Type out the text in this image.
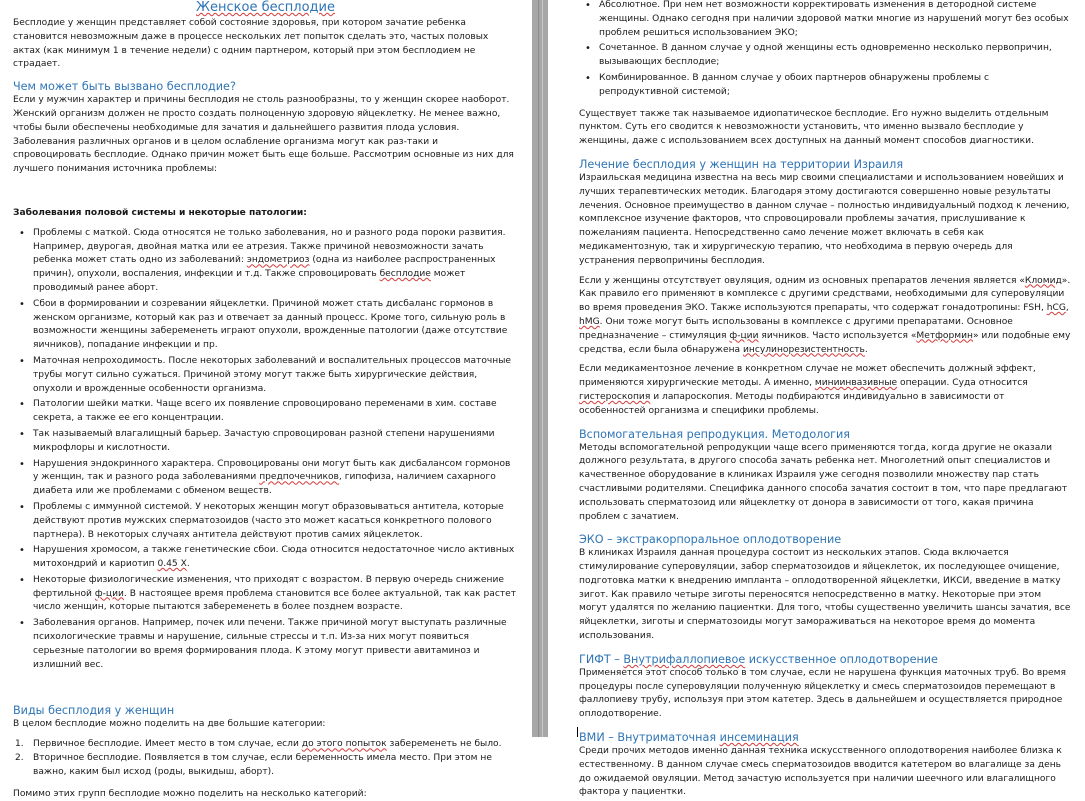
Женское бесплодие

Бесплодие у женщин представляет собой состояние здоровья, при котором зачатие ребенка становится невозможным даже в процессе нескольких лет попыток сделать это, частых половых актах (как минимум 1 в течение недели) с одним партнером, который при этом бесплодием не страдает.

Чем может быть вызвано бесплодие?

Если у мужчин характер и причины бесплодия не столь разнообразны, то у женщин скорее наоборот. Женский организм должен не просто создать полноценную здоровую яйцеклетку. Не менее важно, чтобы были обеспечены необходимые для зачатия и дальнейшего развития плода условия. Заболевания различных органов и в целом ослабление организма могут как раз-таки и спровоцировать бесплодие. Однако причин может быть еще больше. Рассмотрим основные из них для лучшего понимания источника проблемы:

Заболевания половой системы и некоторые патологии:

• Проблемы с маткой. Сюда относятся не только заболевания, но и разного рода пороки развития. Например, двурогая, двойная матка или ее атрезия. Также причиной невозможности зачать ребенка может стать одно из заболеваний: эндометриоз (одна из наиболее распространенных причин), опухоли, воспаления, инфекции и т.д. Также спровоцировать бесплодие может проводимый ранее аборт.
• Сбои в формировании и созревании яйцеклетки. Причиной может стать дисбаланс гормонов в женском организме, который как раз и отвечает за данный процесс. Кроме того, сильную роль в возможности женщины забеременеть играют опухоли, врожденные патологии (даже отсутствие яичников), попадание инфекции и пр.
• Маточная непроходимость. После некоторых заболеваний и воспалительных процессов маточные трубы могут сильно сужаться. Причиной этому могут также быть хирургические действия, опухоли и врожденные особенности организма.
• Патологии шейки матки. Чаще всего их появление спровоцировано переменами в хим. составе секрета, а также ее его концентрации.
• Так называемый влагалищный барьер. Зачастую спровоцирован разной степени нарушениями микрофлоры и кислотности.
• Нарушения эндокринного характера. Спровоцированы они могут быть как дисбалансом гормонов у женщин, так и разного рода заболеваниями предпочечников, гипофиза, наличием сахарного диабета или же проблемами с обменом веществ.
• Проблемы с иммунной системой. У некоторых женщин могут образовываться антитела, которые действуют против мужских сперматозоидов (часто это может касаться конкретного полового партнера). В некоторых случаях антитела действуют против самих яйцеклеток.
• Нарушения хромосом, а также генетические сбои. Сюда относится недостаточное число активных митохондрий и кариотип 0.45 X.
• Некоторые физиологические изменения, что приходят с возрастом. В первую очередь снижение фертильной ф-ции. В настоящее время проблема становится все более актуальной, так как растет число женщин, которые пытаются забеременеть в более позднем возрасте.
• Заболевания органов. Например, почек или печени. Также причиной могут выступать различные психологические травмы и нарушение, сильные стрессы и т.п. Из-за них могут появиться серьезные патологии во время формирования плода. К этому могут привести авитаминоз и излишний вес.

Виды бесплодия у женщин

В целом бесплодие можно поделить на две большие категории:

1. Первичное бесплодие. Имеет место в том случае, если до этого попыток забеременеть не было.
2. Вторичное бесплодие. Появляется в том случае, если беременность имела место. При этом не важно, каким был исход (роды, выкидыш, аборт).

Помимо этих групп бесплодие можно поделить на несколько категорий:

• Абсолютное. При нем нет возможности корректировать изменения в детородной системе женщины. Однако сегодня при наличии здоровой матки многие из нарушений могут без особых проблем решиться использованием ЭКО;
• Сочетанное. В данном случае у одной женщины есть одновременно несколько первопричин, вызывающих бесплодие;
• Комбинированное. В данном случае у обоих партнеров обнаружены проблемы с репродуктивной системой;

Существует также так называемое идиопатическое бесплодие. Его нужно выделить отдельным пунктом. Суть его сводится к невозможности установить, что именно вызвало бесплодие у женщины, даже с использованием всех доступных на данный момент способов диагностики.

Лечение бесплодия у женщин на территории Израиля

Израильская медицина известна на весь мир своими специалистами и использованием новейших и лучших терапевтических методик. Благодаря этому достигаются совершенно новые результаты лечения. Основное преимущество в данном случае – полностью индивидуальный подход к лечению, комплексное изучение факторов, что спровоцировали проблемы зачатия, прислушивание к пожеланиям пациента. Непосредственно само лечение может включать в себя как медикаментозную, так и хирургическую терапию, что необходима в первую очередь для устранения первопричины бесплодия.

Если у женщины отсутствует овуляция, одним из основных препаратов лечения является «Кломид». Как правило его применяют в комплексе с другими средствами, необходимыми для суперовуляции во время проведения ЭКО. Также используются препараты, что содержат гонадотропины: FSH, hCG, hMG. Они тоже могут быть использованы в комплексе с другими препаратами. Основное предназначение – стимуляция ф-ции яичников. Часто используется «Метформин» или подобные ему средства, если была обнаружена инсулинорезистентность.

Если медикаментозное лечение в конкретном случае не может обеспечить должный эффект, применяются хирургические методы. А именно, миниинвазивные операции. Суда относится гистероскопия и лапароскопия. Методы подбираются индивидуально в зависимости от особенностей организма и специфики проблемы.

Вспомогательная репродукция. Методология

Методы вспомогательной репродукции чаще всего применяются тогда, когда другие не оказали должного результата, в другого способа зачать ребенка нет. Многолетний опыт специалистов и качественное оборудование в клиниках Израиля уже сегодня позволили множеству пар стать счастливыми родителями. Специфика данного способа зачатия состоит в том, что паре предлагают использовать сперматозоид или яйцеклетку от донора в зависимости от того, какая причина проблем с зачатием.

ЭКО – экстракорпоральное оплодотворение

В клиниках Израиля данная процедура состоит из нескольких этапов. Сюда включается стимулирование суперовуляции, забор сперматозоидов и яйцеклеток, их последующее очищение, подготовка матки к внедрению импланта – оплодотворенной яйцеклетки, ИКСИ, введение в матку зигот. Как правило четыре зиготы переносятся непосредственно в матку. Некоторые при этом могут удалятся по желанию пациентки. Для того, чтобы существенно увеличить шансы зачатия, все яйцеклетки, зиготы и сперматозоиды могут замораживаться на некоторое время до момента использования.

ГИФТ – Внутрифаллопиевое искусственное оплодотворение

Применяется этот способ только в том случае, если не нарушена функция маточных труб. Во время процедуры после суперовуляции полученную яйцеклетку и смесь сперматозоидов перемещают в фаллопиеву трубу, используя при этом катетер. Здесь в дальнейшем и осуществляется природное оплодотворение.

ВМИ – Внутриматочная инсеминация

Среди прочих методов именно данная техника искусственного оплодотворения наиболее близка к естественному. В данном случае смесь сперматозоидов вводится катетером во влагалище за день до ожидаемой овуляции. Метод зачастую используется при наличии шеечного или влагалищного фактора у пациентки.
